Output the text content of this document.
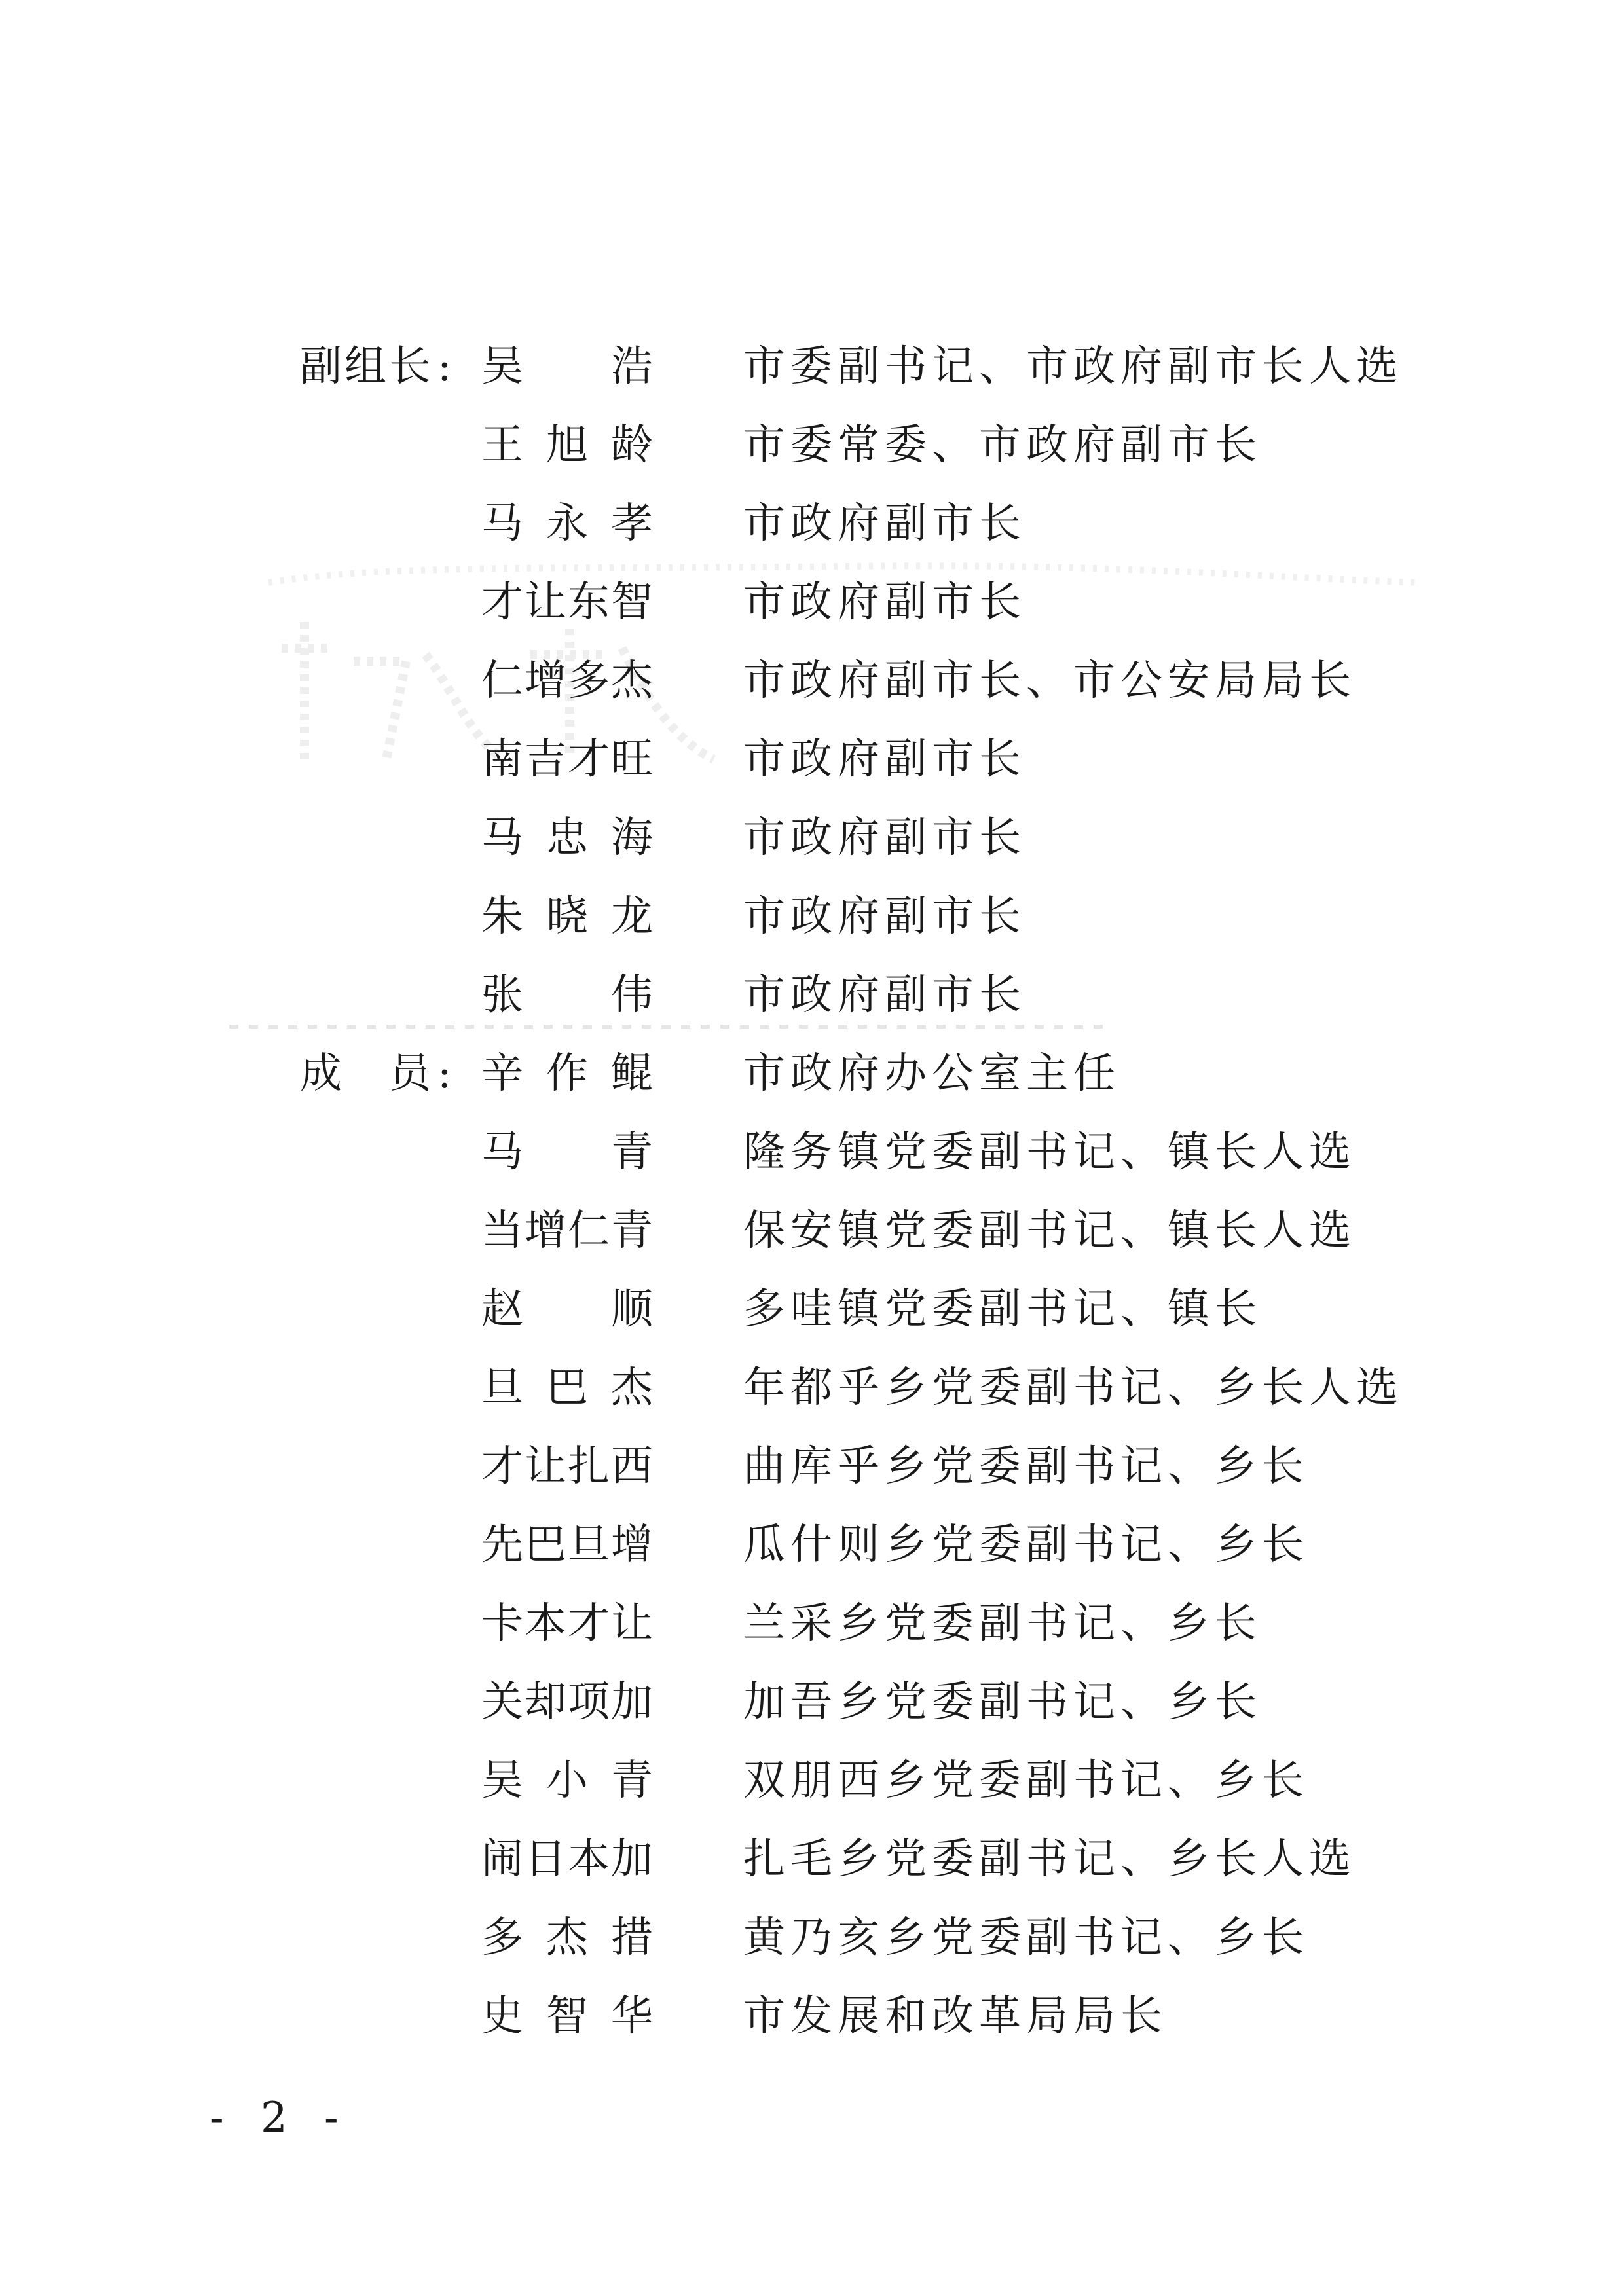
副 组 长 : 吴 浩 市委副书记、市政府副市长人选
王 旭 龄 市委常委、市政府副市长
马 永 孝 市政府副市长
才 让 东 智 市政府副市长
仁 增 多 杰 市政府副市长、市公安局局长
南 吉 才 旺 市政府副市长
马 忠 海 市政府副市长
朱 晓 龙 市政府副市长
张 伟 市政府副市长
成 员 : 辛 作 鲲 市政府办公室主任
马 青 隆务镇党委副书记、镇长人选
当 增 仁 青 保安镇党委副书记、镇长人选
赵 顺 多哇镇党委副书记、镇长
旦 巴 杰 年都乎乡党委副书记、乡长人选
才 让 扎 西 曲库乎乡党委副书记、乡长
先 巴 旦 增 瓜什则乡党委副书记、乡长
卡 本 才 让 兰采乡党委副书记、乡长
关 却 项 加 加吾乡党委副书记、乡长
吴 小 青 双朋西乡党委副书记、乡长
闹 日 本 加 扎毛乡党委副书记、乡长人选
多 杰 措 黄乃亥乡党委副书记、乡长
史 智 华 市发展和改革局局长
- 2 -
